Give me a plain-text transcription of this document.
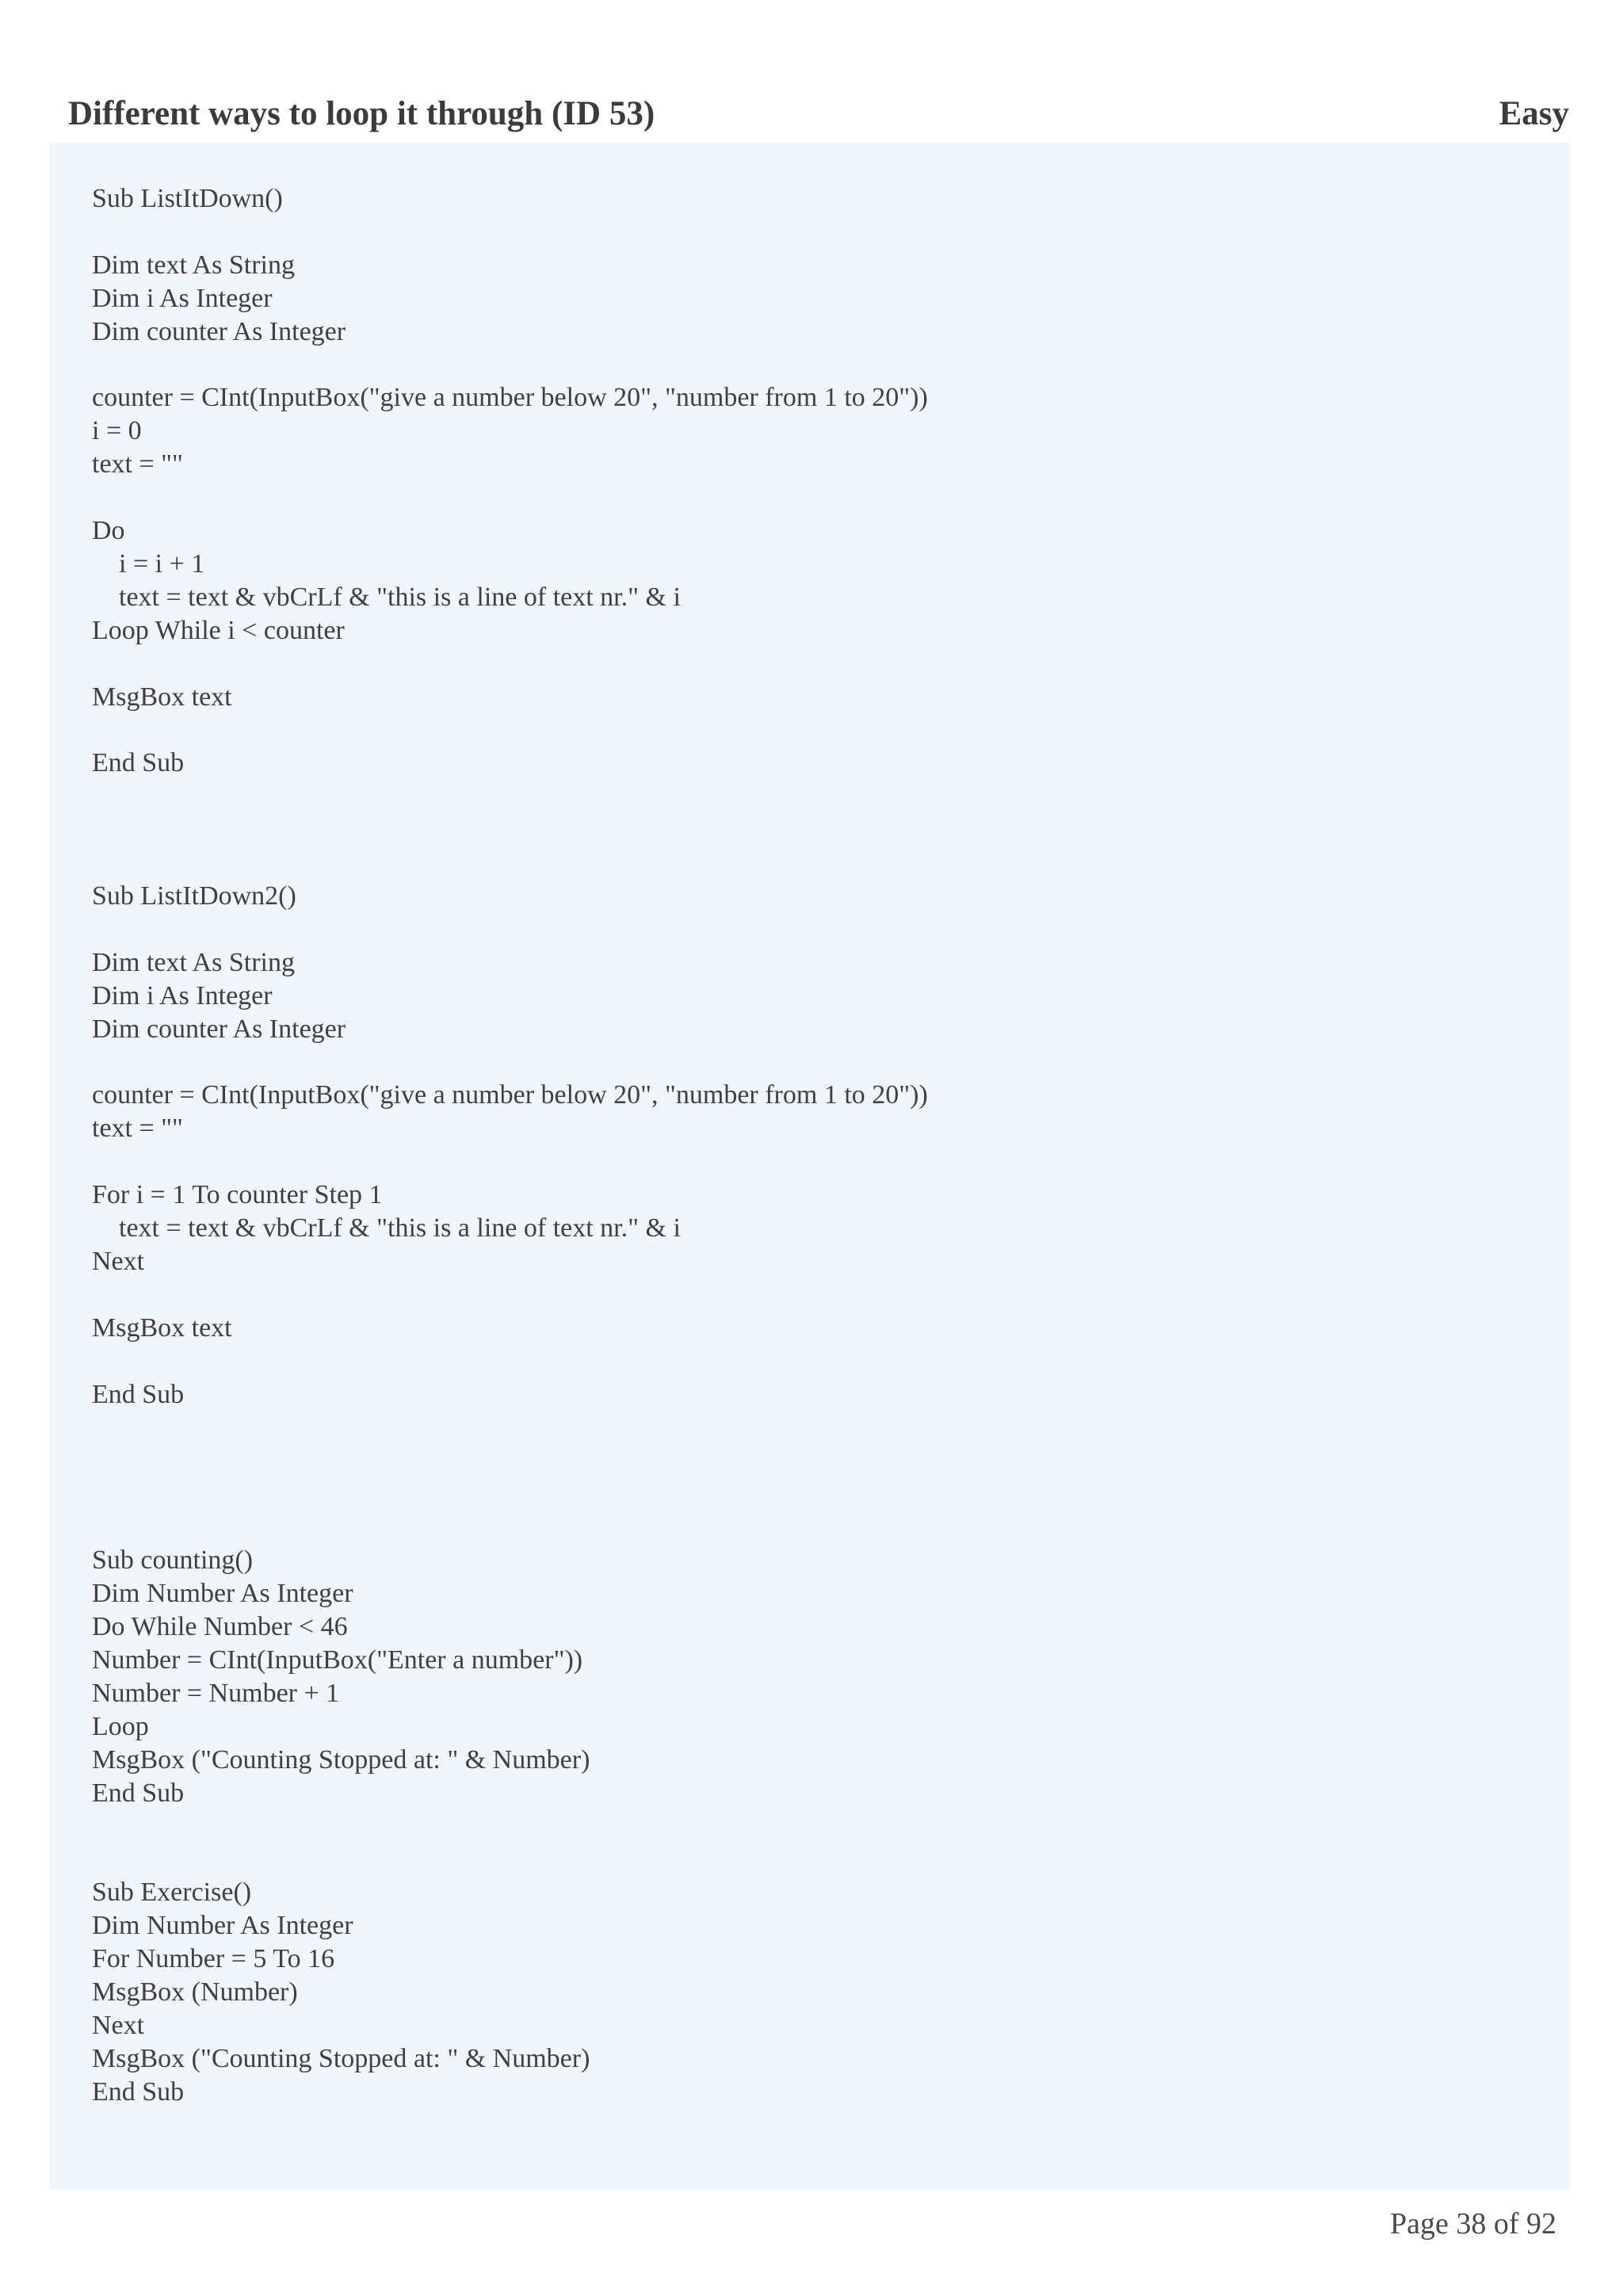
Different ways to loop it through (ID 53)	Easy
Sub ListItDown()

Dim text As String
Dim i As Integer
Dim counter As Integer

counter = CInt(InputBox("give a number below 20", "number from 1 to 20"))
i = 0
text = ""

Do
i = i + 1
text = text & vbCrLf & "this is a line of text nr." & i
Loop While i < counter

MsgBox text

End Sub

Sub ListItDown2()

Dim text As String
Dim i As Integer
Dim counter As Integer

counter = CInt(InputBox("give a number below 20", "number from 1 to 20"))
text = ""

For i = 1 To counter Step 1
text = text & vbCrLf & "this is a line of text nr." & i
Next

MsgBox text

End Sub

Sub counting()
Dim Number As Integer
Do While Number < 46
Number = CInt(InputBox("Enter a number"))
Number = Number + 1
Loop
MsgBox ("Counting Stopped at: " & Number)
End Sub

Sub Exercise()
Dim Number As Integer
For Number = 5 To 16
MsgBox (Number)
Next
MsgBox ("Counting Stopped at: " & Number)
End Sub
Page 38 of 92
